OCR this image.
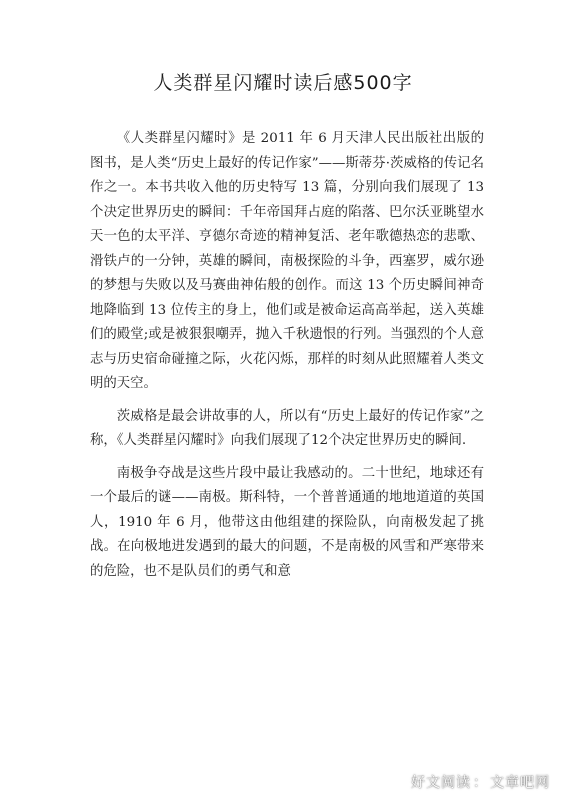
人类群星闪耀时读后感500字

《人类群星闪耀时》是 2011 年 6 月天津人民出版社出版的图书，是人类“历史上最好的传记作家”——斯蒂芬·茨威格的传记名作之一。本书共收入他的历史特写 13 篇，分别向我们展现了 13 个决定世界历史的瞬间：千年帝国拜占庭的陷落、巴尔沃亚眺望水天一色的太平洋、亨德尔奇迹的精神复活、老年歌德热恋的悲歌、滑铁卢的一分钟，英雄的瞬间，南极探险的斗争，西塞罗，威尔逊的梦想与失败以及马赛曲神佑般的创作。而这 13 个历史瞬间神奇地降临到 13 位传主的身上，他们或是被命运高高举起，送入英雄们的殿堂;或是被狠狠嘲弄，抛入千秋遗恨的行列。当强烈的个人意志与历史宿命碰撞之际，火花闪烁，那样的时刻从此照耀着人类文明的天空。

茨威格是最会讲故事的人，所以有“历史上最好的传记作家”之称，《人类群星闪耀时》向我们展现了12个决定世界历史的瞬间.

南极争夺战是这些片段中最让我感动的。二十世纪，地球还有一个最后的谜——南极。斯科特，一个普普通通的地地道道的英国人，1910 年 6 月，他带这由他组建的探险队，向南极发起了挑战。在向极地进发遇到的最大的问题，不是南极的风雪和严寒带来的危险，也不是队员们的勇气和意

好文阅读 ： 文章吧网
